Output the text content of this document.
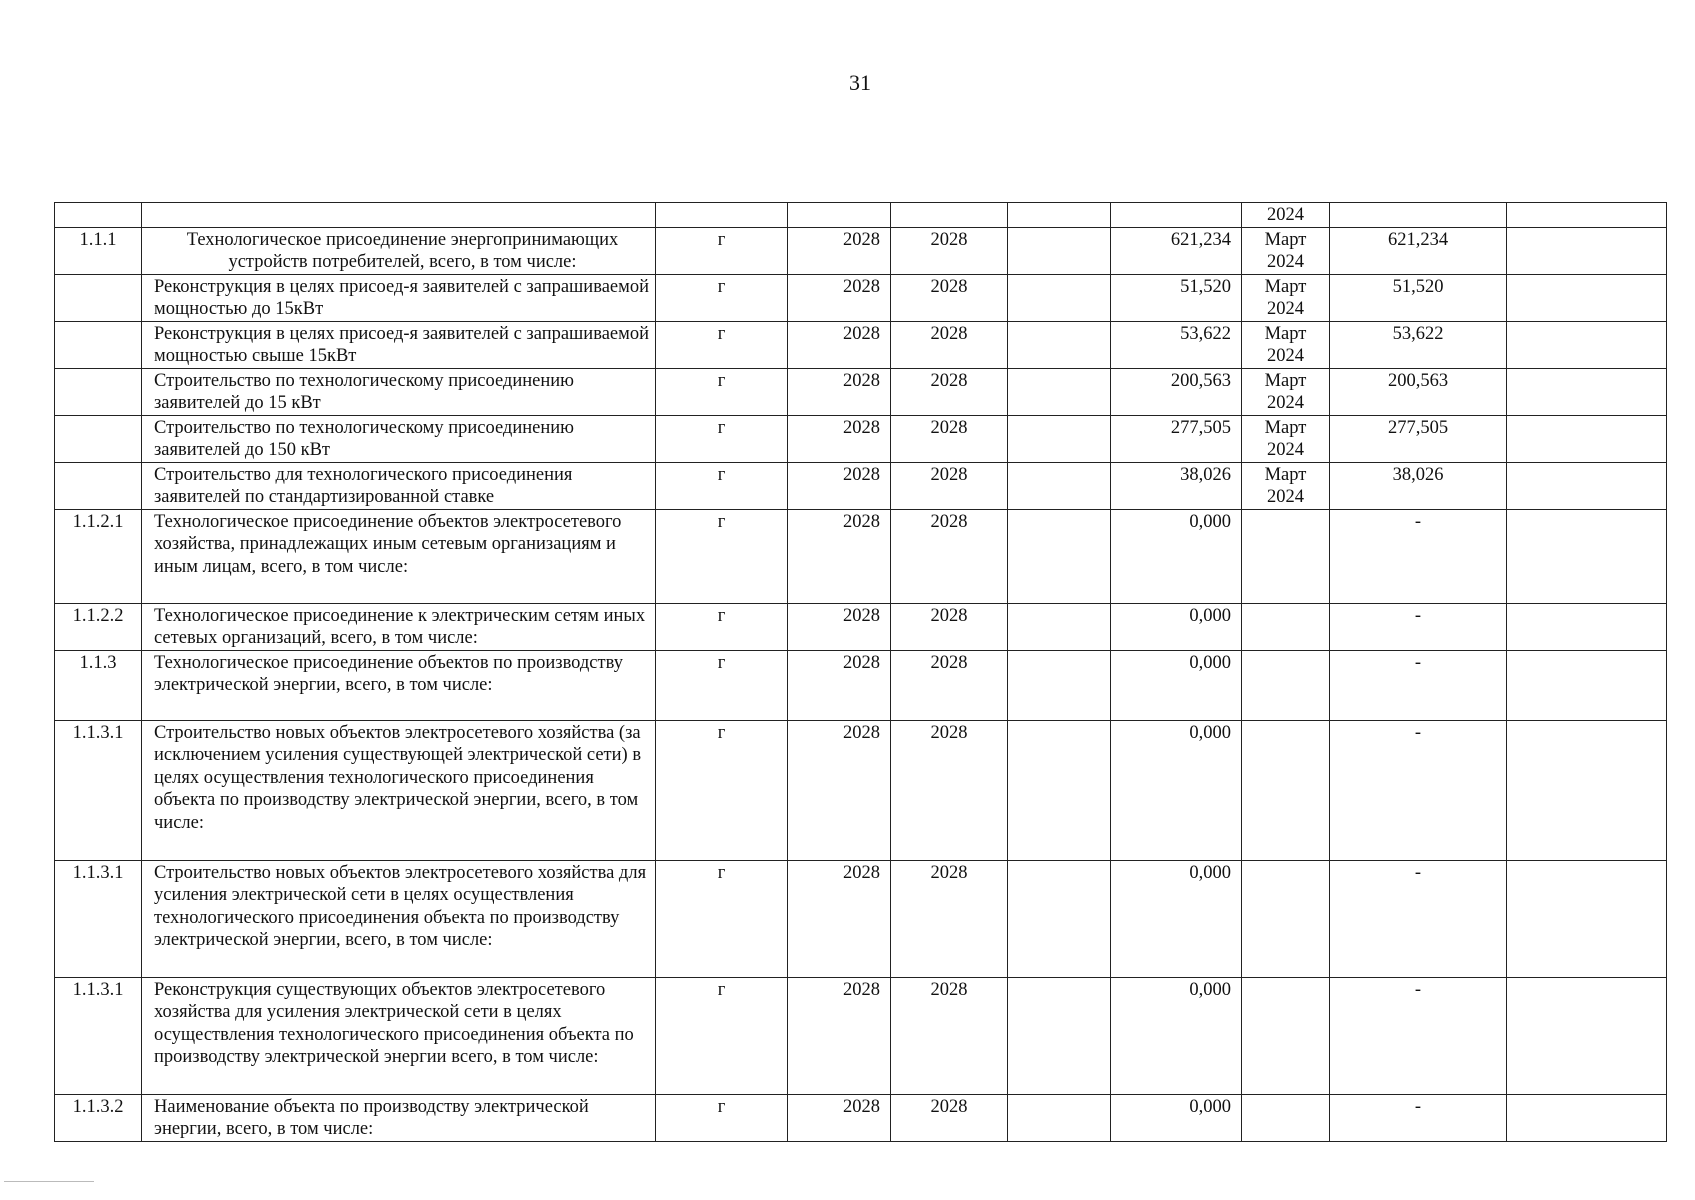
31
							2024		
1.1.1	Технологическое присоединение энергопринимающих устройств потребителей, всего, в том числе:	г	2028	2028		621,234	Март 2024	621,234	
	Реконструкция в целях присоед-я заявителей с запрашиваемой мощностью до 15кВт	г	2028	2028		51,520	Март 2024	51,520	
	Реконструкция в целях присоед-я заявителей с запрашиваемой мощностью свыше 15кВт	г	2028	2028		53,622	Март 2024	53,622	
	Строительство по технологическому присоединению заявителей до 15 кВт	г	2028	2028		200,563	Март 2024	200,563	
	Строительство по технологическому присоединению заявителей до 150 кВт	г	2028	2028		277,505	Март 2024	277,505	
	Строительство для технологического присоединения заявителей по стандартизированной ставке	г	2028	2028		38,026	Март 2024	38,026	
1.1.2.1	Технологическое присоединение объектов электросетевого хозяйства, принадлежащих иным сетевым организациям и иным лицам, всего, в том числе:	г	2028	2028		0,000		-	
1.1.2.2	Технологическое присоединение к электрическим сетям иных сетевых организаций, всего, в том числе:	г	2028	2028		0,000		-	
1.1.3	Технологическое присоединение объектов по производству электрической энергии, всего, в том числе:	г	2028	2028		0,000		-	
1.1.3.1	Строительство новых объектов электросетевого хозяйства (за исключением усиления существующей электрической сети) в целях осуществления технологического присоединения объекта по производству электрической энергии, всего, в том числе:	г	2028	2028		0,000		-	
1.1.3.1	Строительство новых объектов электросетевого хозяйства для усиления электрической сети в целях осуществления технологического присоединения объекта по производству электрической энергии, всего, в том числе:	г	2028	2028		0,000		-	
1.1.3.1	Реконструкция существующих объектов электросетевого хозяйства для усиления электрической сети в целях осуществления технологического присоединения объекта по производству электрической энергии всего, в том числе:	г	2028	2028		0,000		-	
1.1.3.2	Наименование объекта по производству электрической энергии, всего, в том числе:	г	2028	2028		0,000		-	
